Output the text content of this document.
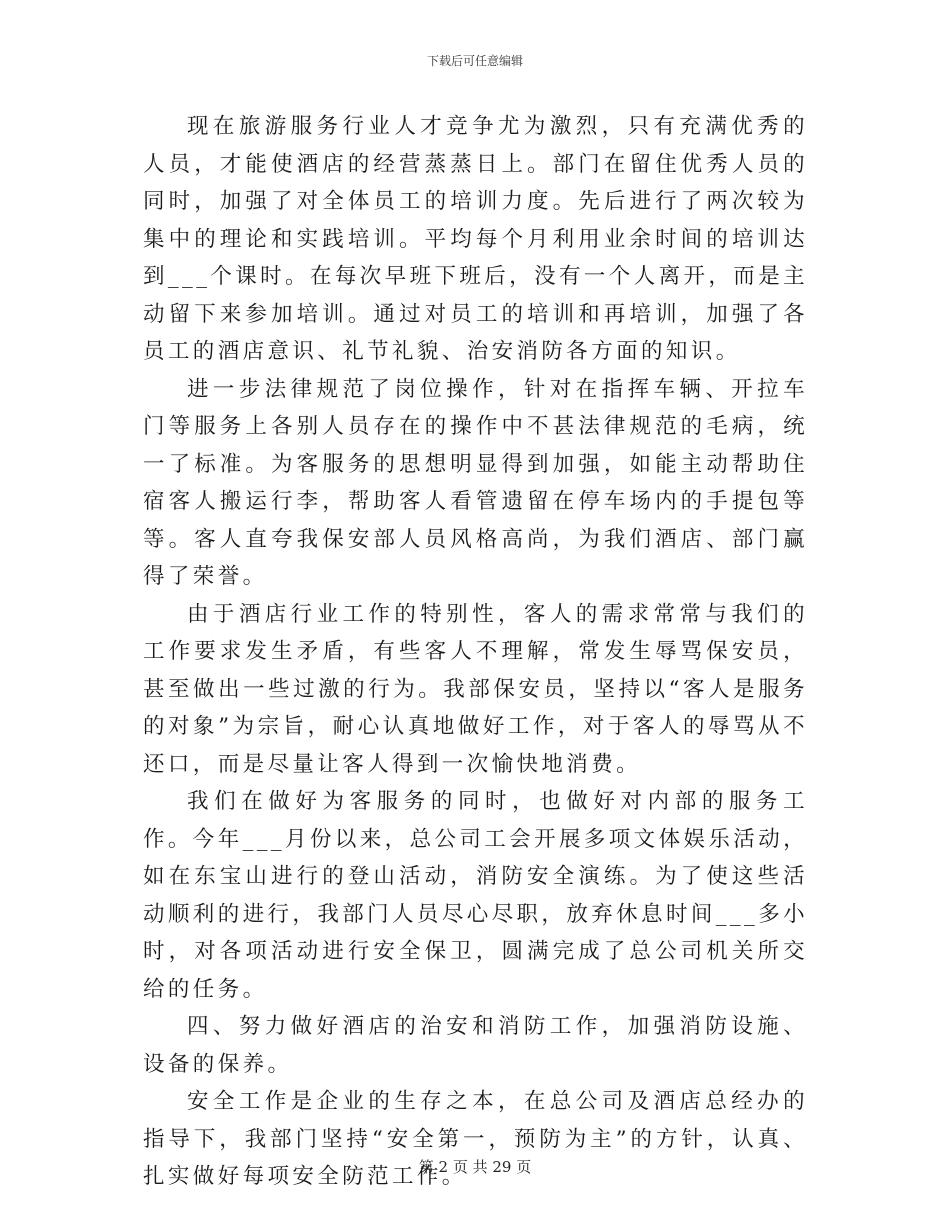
下载后可任意编辑

现在旅游服务行业人才竞争尤为激烈，只有充满优秀的人员，才能使酒店的经营蒸蒸日上。部门在留住优秀人员的同时，加强了对全体员工的培训力度。先后进行了两次较为集中的理论和实践培训。平均每个月利用业余时间的培训达到___个课时。在每次早班下班后，没有一个人离开，而是主动留下来参加培训。通过对员工的培训和再培训，加强了各员工的酒店意识、礼节礼貌、治安消防各方面的知识。

进一步法律规范了岗位操作，针对在指挥车辆、开拉车门等服务上各别人员存在的操作中不甚法律规范的毛病，统一了标准。为客服务的思想明显得到加强，如能主动帮助住宿客人搬运行李，帮助客人看管遗留在停车场内的手提包等等。客人直夸我保安部人员风格高尚，为我们酒店、部门赢得了荣誉。

由于酒店行业工作的特别性，客人的需求常常与我们的工作要求发生矛盾，有些客人不理解，常发生辱骂保安员，甚至做出一些过激的行为。我部保安员，坚持以“客人是服务的对象”为宗旨，耐心认真地做好工作，对于客人的辱骂从不还口，而是尽量让客人得到一次愉快地消费。

我们在做好为客服务的同时，也做好对内部的服务工作。今年___月份以来，总公司工会开展多项文体娱乐活动，如在东宝山进行的登山活动，消防安全演练。为了使这些活动顺利的进行，我部门人员尽心尽职，放弃休息时间___多小时，对各项活动进行安全保卫，圆满完成了总公司机关所交给的任务。

四、努力做好酒店的治安和消防工作，加强消防设施、设备的保养。

安全工作是企业的生存之本，在总公司及酒店总经办的指导下，我部门坚持“安全第一，预防为主”的方针，认真、扎实做好每项安全防范工作。

第 2 页 共 29 页
